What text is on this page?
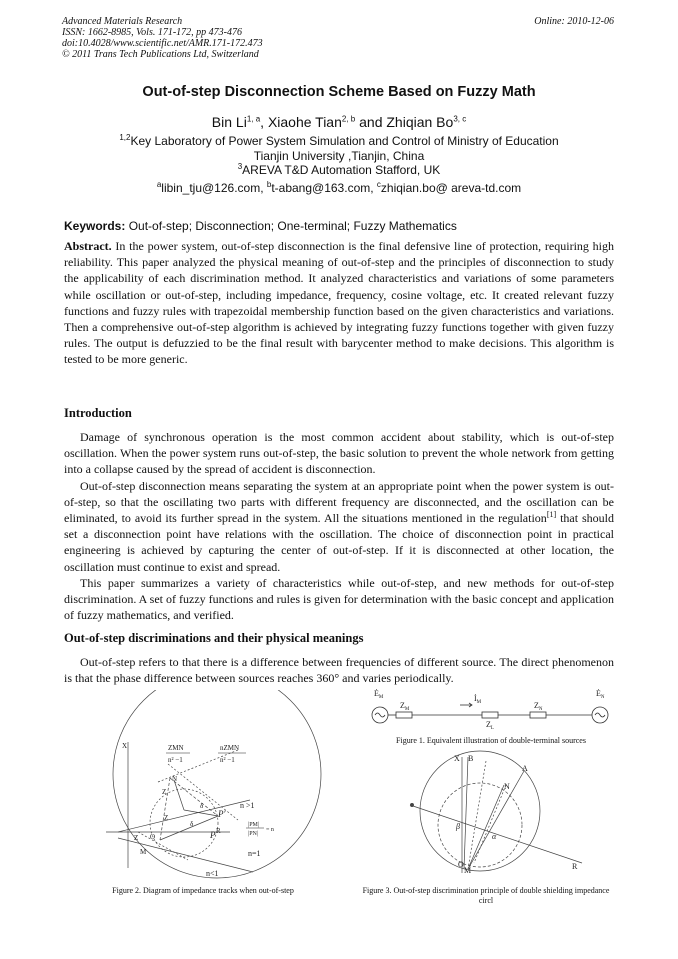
Advanced Materials Research
ISSN: 1662-8985, Vols. 171-172, pp 473-476
doi:10.4028/www.scientific.net/AMR.171-172.473
© 2011 Trans Tech Publications Ltd, Switzerland
Online: 2010-12-06
Out-of-step Disconnection Scheme Based on Fuzzy Math
Bin Li$^{1, a}$, Xiaohe Tian$^{2, b}$ and Zhiqian Bo$^{3, c}$
$^{1,2}$Key Laboratory of Power System Simulation and Control of Ministry of Education
Tianjin University ,Tianjin, China
$^3$AREVA T&D Automation Stafford, UK
$^a$libin_tju@126.com, $^b$t-abang@163.com, $^c$zhiqian.bo@ areva-td.com
Keywords: Out-of-step; Disconnection; One-terminal; Fuzzy Mathematics

Abstract. In the power system, out-of-step disconnection is the final defensive line of protection, requiring high reliability. This paper analyzed the physical meaning of out-of-step and the principles of disconnection to study the applicability of each discrimination method. It analyzed characteristics and variations of some parameters while oscillation or out-of-step, including impedance, frequency, cosine voltage, etc. It created relevant fuzzy functions and fuzzy rules with trapezoidal membership function based on the given characteristics and variations. Then a comprehensive out-of-step algorithm is achieved by integrating fuzzy functions together with given fuzzy rules. The output is defuzzied to be the final result with barycenter method to make decisions. This algorithm is tested to be more generic.

Introduction

Damage of synchronous operation is the most common accident about stability, which is out-of-step oscillation. When the power system runs out-of-step, the basic solution to prevent the whole network from getting into a collapse caused by the spread of accident is disconnection.

Out-of-step disconnection means separating the system at an appropriate point when the power system is out-of-step, so that the oscillating two parts with different frequency are disconnected, and the oscillation can be eliminated, to avoid its further spread in the system. All the situations mentioned in the regulation[1] that should set a disconnection point have relations with the oscillation. The choice of disconnection point in practical engineering is achieved by capturing the center of out-of-step. If it is disconnected at other location, the oscillation must continue to exist and spread.

This paper summarizes a variety of characteristics while out-of-step, and new methods for out-of-step discrimination. A set of fuzzy functions and rules is given for determination with the basic concept and application of fuzzy mathematics, and verified.

Out-of-step discriminations and their physical meanings

Out-of-step refers to that there is a difference between frequencies of different source. The direct phenomenon is that the phase difference between sources reaches 360° and varies periodically.

$Ė_M$
$Z_M$
$İ_M$
$Z_L$
$Z_N$
$Ė_N$
Figure 1. Equivalent illustration of double-terminal sources
X
R
ZMN
n² −1
nZMN
n² −1
N
Z
Z
δ
δ
P′
P
n >1
|PM|
|PN|
= n
Z O
M	n=1
n<1
Figure 2. Diagram of impedance tracks when out-of-step
X B
A
N
β
α
O
M	R
Figure 3. Out-of-step discrimination principle of double shielding impedance circl
